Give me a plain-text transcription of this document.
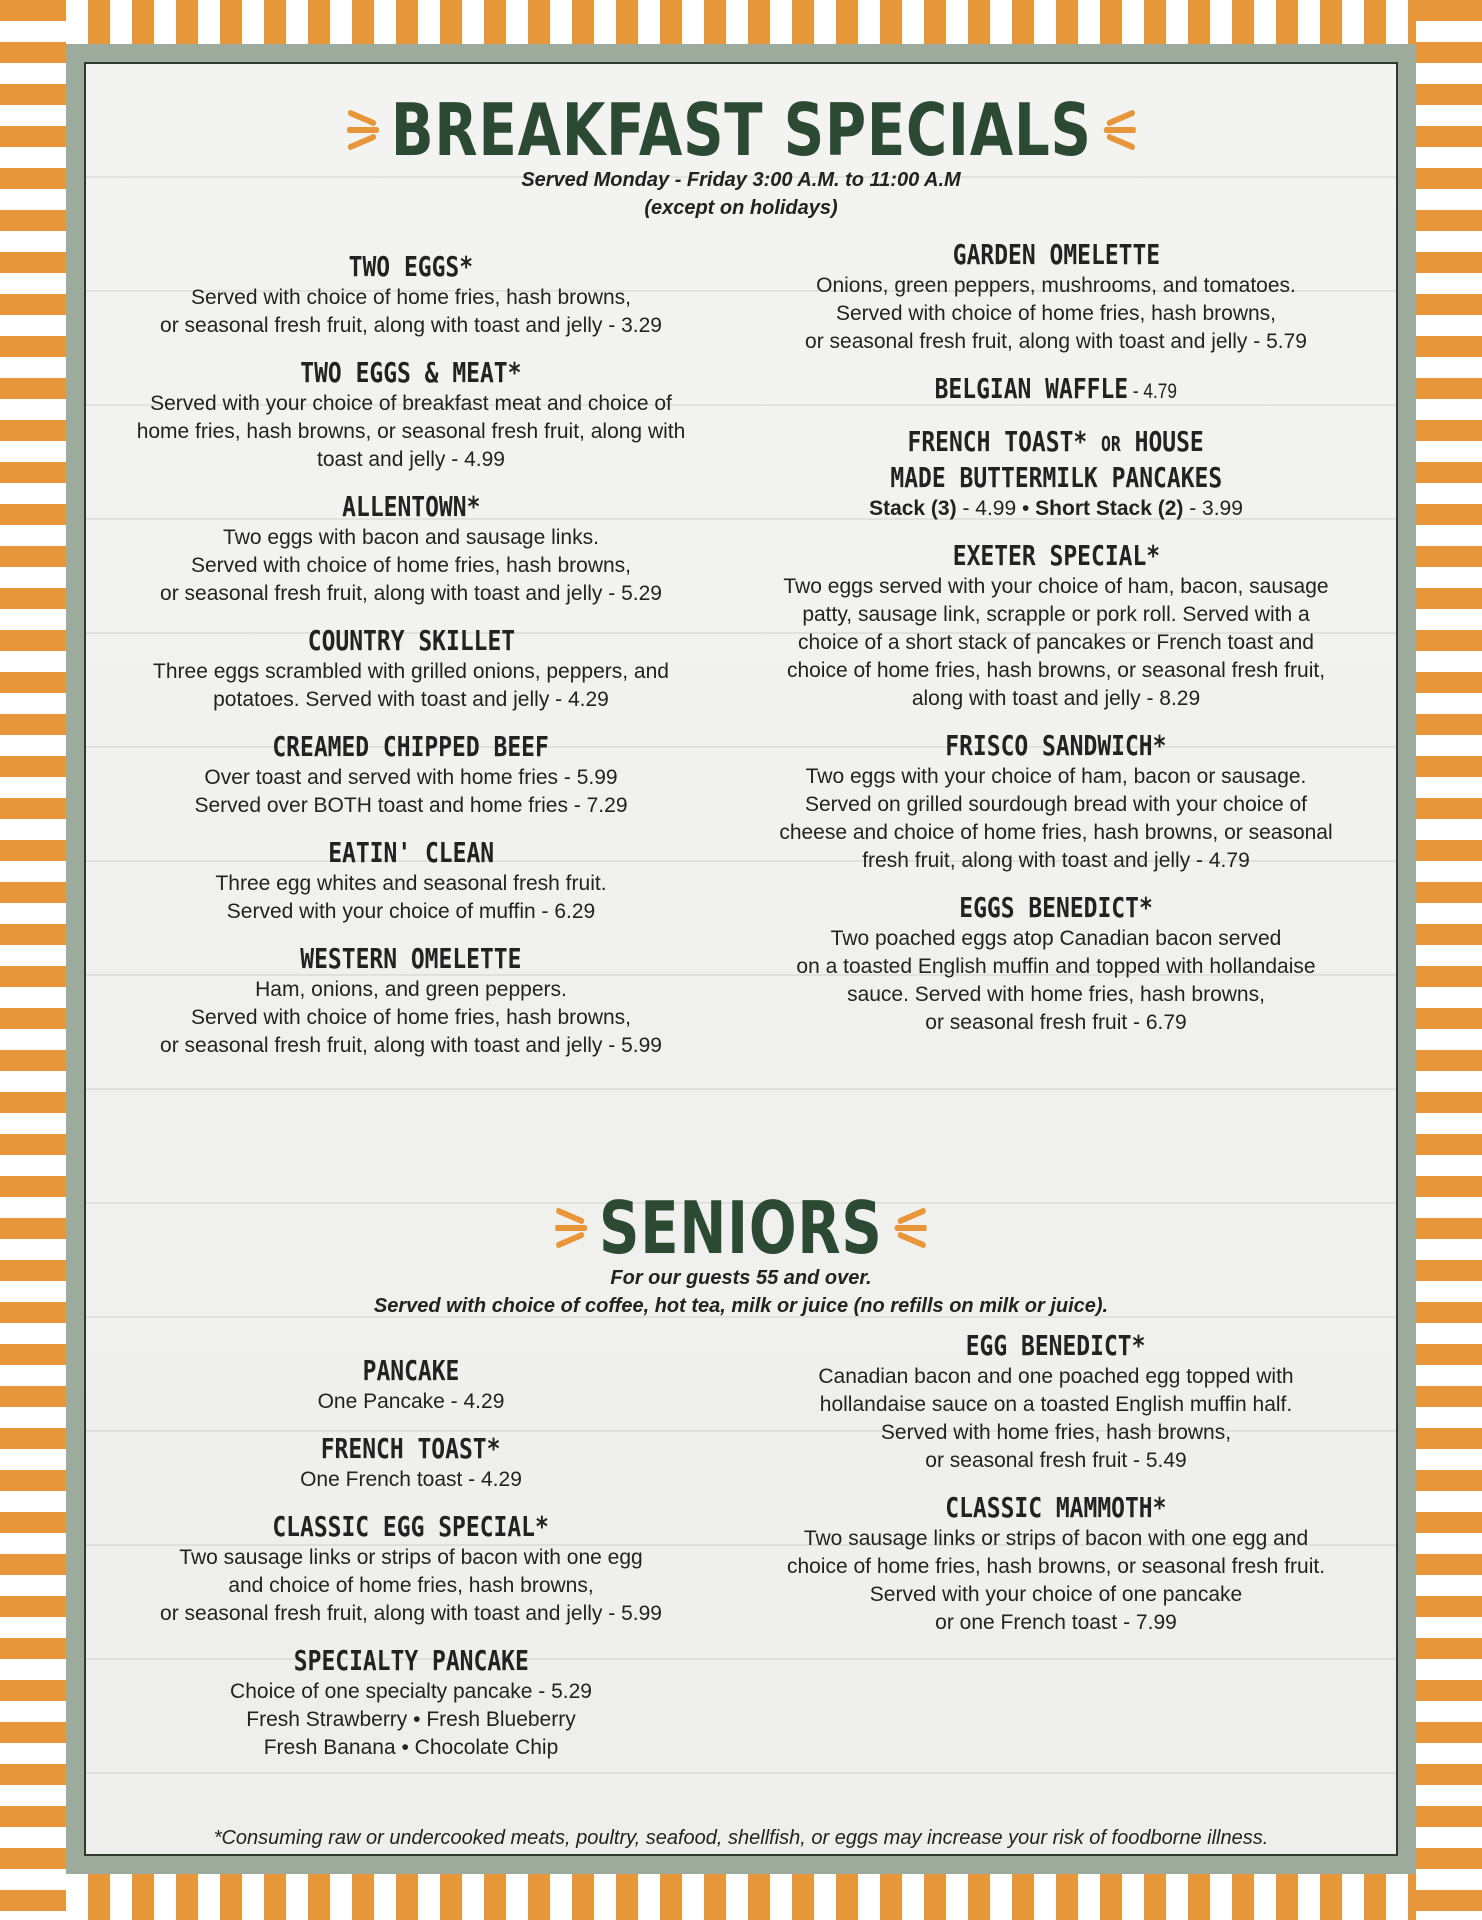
BREAKFAST SPECIALS
Served Monday - Friday 3:00 A.M. to 11:00 A.M
(except on holidays)
TWO EGGS*
Served with choice of home fries, hash browns,
or seasonal fresh fruit, along with toast and jelly - 3.29
TWO EGGS & MEAT*
Served with your choice of breakfast meat and choice of
home fries, hash browns, or seasonal fresh fruit, along with
toast and jelly - 4.99
ALLENTOWN*
Two eggs with bacon and sausage links.
Served with choice of home fries, hash browns,
or seasonal fresh fruit, along with toast and jelly - 5.29
COUNTRY SKILLET
Three eggs scrambled with grilled onions, peppers, and
potatoes. Served with toast and jelly - 4.29
CREAMED CHIPPED BEEF
Over toast and served with home fries - 5.99
Served over BOTH toast and home fries - 7.29
EATIN' CLEAN
Three egg whites and seasonal fresh fruit.
Served with your choice of muffin - 6.29
WESTERN OMELETTE
Ham, onions, and green peppers.
Served with choice of home fries, hash browns,
or seasonal fresh fruit, along with toast and jelly - 5.99
GARDEN OMELETTE
Onions, green peppers, mushrooms, and tomatoes.
Served with choice of home fries, hash browns,
or seasonal fresh fruit, along with toast and jelly - 5.79
BELGIAN WAFFLE - 4.79
FRENCH TOAST* OR HOUSE MADE BUTTERMILK PANCAKES
Stack (3) - 4.99 • Short Stack (2) - 3.99
EXETER SPECIAL*
Two eggs served with your choice of ham, bacon, sausage
patty, sausage link, scrapple or pork roll. Served with a
choice of a short stack of pancakes or French toast and
choice of home fries, hash browns, or seasonal fresh fruit,
along with toast and jelly - 8.29
FRISCO SANDWICH*
Two eggs with your choice of ham, bacon or sausage.
Served on grilled sourdough bread with your choice of
cheese and choice of home fries, hash browns, or seasonal
fresh fruit, along with toast and jelly - 4.79
EGGS BENEDICT*
Two poached eggs atop Canadian bacon served
on a toasted English muffin and topped with hollandaise
sauce. Served with home fries, hash browns,
or seasonal fresh fruit - 6.79
SENIORS
For our guests 55 and over.
Served with choice of coffee, hot tea, milk or juice (no refills on milk or juice).
PANCAKE
One Pancake - 4.29
FRENCH TOAST*
One French toast - 4.29
CLASSIC EGG SPECIAL*
Two sausage links or strips of bacon with one egg
and choice of home fries, hash browns,
or seasonal fresh fruit, along with toast and jelly - 5.99
SPECIALTY PANCAKE
Choice of one specialty pancake - 5.29
Fresh Strawberry • Fresh Blueberry
Fresh Banana • Chocolate Chip
EGG BENEDICT*
Canadian bacon and one poached egg topped with
hollandaise sauce on a toasted English muffin half.
Served with home fries, hash browns,
or seasonal fresh fruit - 5.49
CLASSIC MAMMOTH*
Two sausage links or strips of bacon with one egg and
choice of home fries, hash browns, or seasonal fresh fruit.
Served with your choice of one pancake
or one French toast - 7.99
*Consuming raw or undercooked meats, poultry, seafood, shellfish, or eggs may increase your risk of foodborne illness.
